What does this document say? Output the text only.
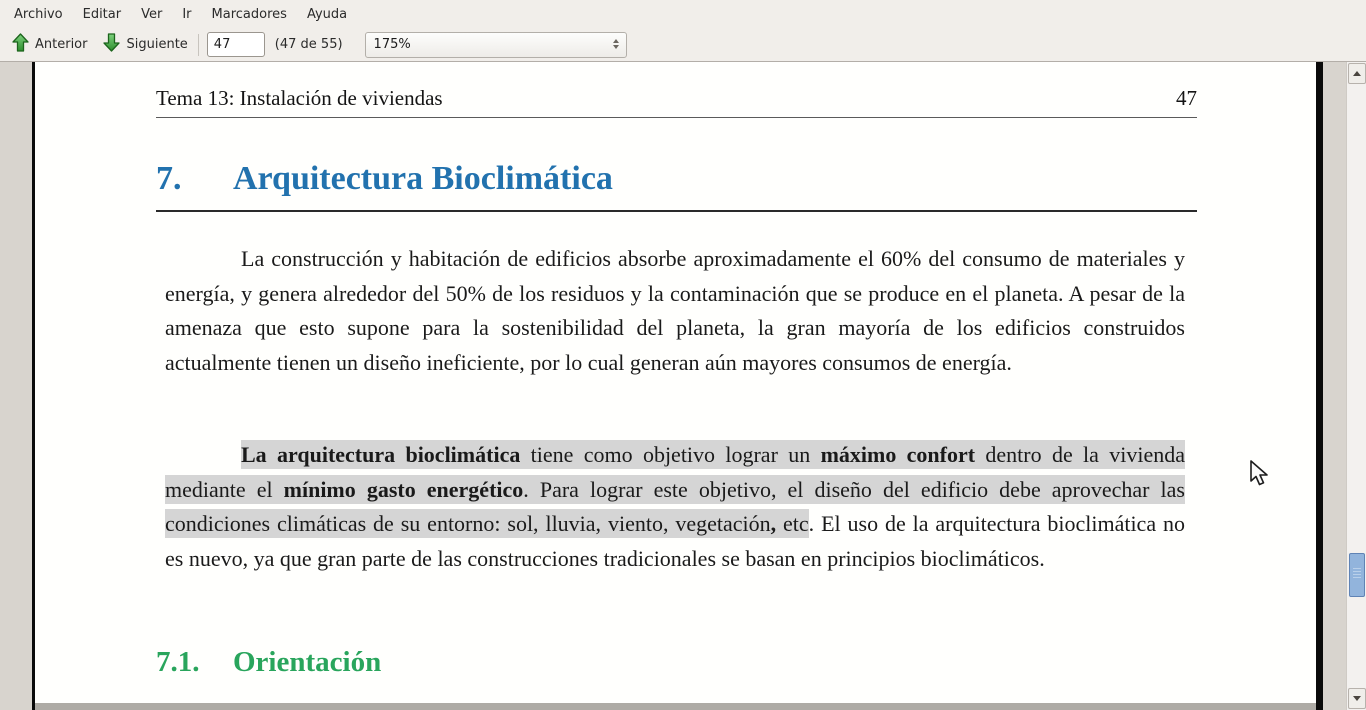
Archivo	Editar	Ver	Ir	Marcadores	Ayuda
Anterior	Siguiente
47	(47 de 55) 175%
Tema 13: Instalación de viviendas	47
7. Arquitectura Bioclimática

La construcción y habitación de edificios absorbe aproximadamente el 60% del consumo de materiales y energía, y genera alrededor del 50% de los residuos y la contaminación que se produce en el planeta. A pesar de la amenaza que esto supone para la sostenibilidad del planeta, la gran mayoría de los edificios construidos actualmente tienen un diseño ineficiente, por lo cual generan aún mayores consumos de energía.

La arquitectura bioclimática tiene como objetivo lograr un máximo confort dentro de la vivienda mediante el mínimo gasto energético. Para lograr este objetivo, el diseño del edificio debe aprovechar las condiciones climáticas de su entorno: sol, lluvia, viento, vegetación, etc. El uso de la arquitectura bioclimática no es nuevo, ya que gran parte de las construcciones tradicionales se basan en principios bioclimáticos.

7.1. Orientación
